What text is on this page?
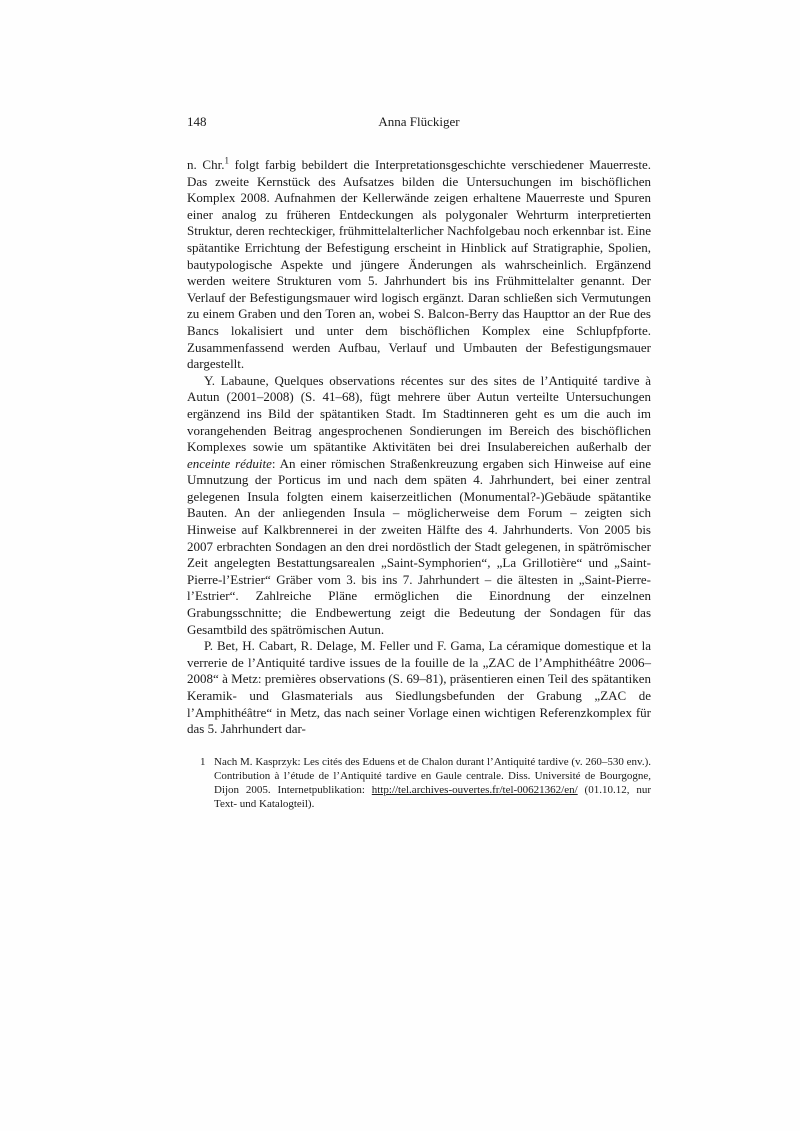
148	Anna Flückiger

n. Chr.$^1$ folgt farbig bebildert die Interpretationsgeschichte verschiedener Mauerreste. Das zweite Kernstück des Aufsatzes bilden die Untersuchungen im bischöflichen Komplex 2008. Aufnahmen der Kellerwände zeigen erhaltene Mauerreste und Spuren einer analog zu früheren Entdeckungen als polygonaler Wehrturm interpretierten Struktur, deren rechteckiger, frühmittelalterlicher Nachfolgebau noch erkennbar ist. Eine spätantike Errichtung der Befestigung erscheint in Hinblick auf Stratigraphie, Spolien, bautypologische Aspekte und jüngere Änderungen als wahrscheinlich. Ergänzend werden weitere Strukturen vom 5. Jahrhundert bis ins Frühmittelalter genannt. Der Verlauf der Befestigungsmauer wird logisch ergänzt. Daran schließen sich Vermutungen zu einem Graben und den Toren an, wobei S. Balcon-Berry das Haupttor an der Rue des Bancs lokalisiert und unter dem bischöflichen Komplex eine Schlupfpforte. Zusammenfassend werden Aufbau, Verlauf und Umbauten der Befestigungsmauer dargestellt.

Y. Labaune, Quelques observations récentes sur des sites de l’Antiquité tardive à Autun (2001–2008) (S. 41–68), fügt mehrere über Autun verteilte Untersuchungen ergänzend ins Bild der spätantiken Stadt. Im Stadtinneren geht es um die auch im vorangehenden Beitrag angesprochenen Sondierungen im Bereich des bischöflichen Komplexes sowie um spätantike Aktivitäten bei drei Insulabereichen außerhalb der enceinte réduite: An einer römischen Straßenkreuzung ergaben sich Hinweise auf eine Umnutzung der Porticus im und nach dem späten 4. Jahrhundert, bei einer zentral gelegenen Insula folgten einem kaiserzeitlichen (Monumental?-)Gebäude spätantike Bauten. An der anliegenden Insula – möglicherweise dem Forum – zeigten sich Hinweise auf Kalkbrennerei in der zweiten Hälfte des 4. Jahrhunderts. Von 2005 bis 2007 erbrachten Sondagen an den drei nordöstlich der Stadt gelegenen, in spätrömischer Zeit angelegten Bestattungsarealen „Saint-Symphorien“, „La Grillotière“ und „Saint-Pierre-l’Estrier“ Gräber vom 3. bis ins 7. Jahrhundert – die ältesten in „Saint-Pierre-l’Estrier“. Zahlreiche Pläne ermöglichen die Einordnung der einzelnen Grabungsschnitte; die Endbewertung zeigt die Bedeutung der Sondagen für das Gesamtbild des spätrömischen Autun.

P. Bet, H. Cabart, R. Delage, M. Feller und F. Gama, La céramique domestique et la verrerie de l’Antiquité tardive issues de la fouille de la „ZAC de l’Amphithéâtre 2006–2008“ à Metz: premières observations (S. 69–81), präsentieren einen Teil des spätantiken Keramik- und Glasmaterials aus Siedlungsbefunden der Grabung „ZAC de l’Amphithéâtre“ in Metz, das nach seiner Vorlage einen wichtigen Referenzkomplex für das 5. Jahrhundert dar-

1 Nach M. Kasprzyk: Les cités des Eduens et de Chalon durant l’Antiquité tardive (v. 260–530 env.). Contribution à l’étude de l’Antiquité tardive en Gaule centrale. Diss. Université de Bourgogne, Dijon 2005. Internetpublikation: http://tel.archives-ouvertes.fr/tel-00621362/en/ (01.10.12, nur Text- und Katalogteil).
